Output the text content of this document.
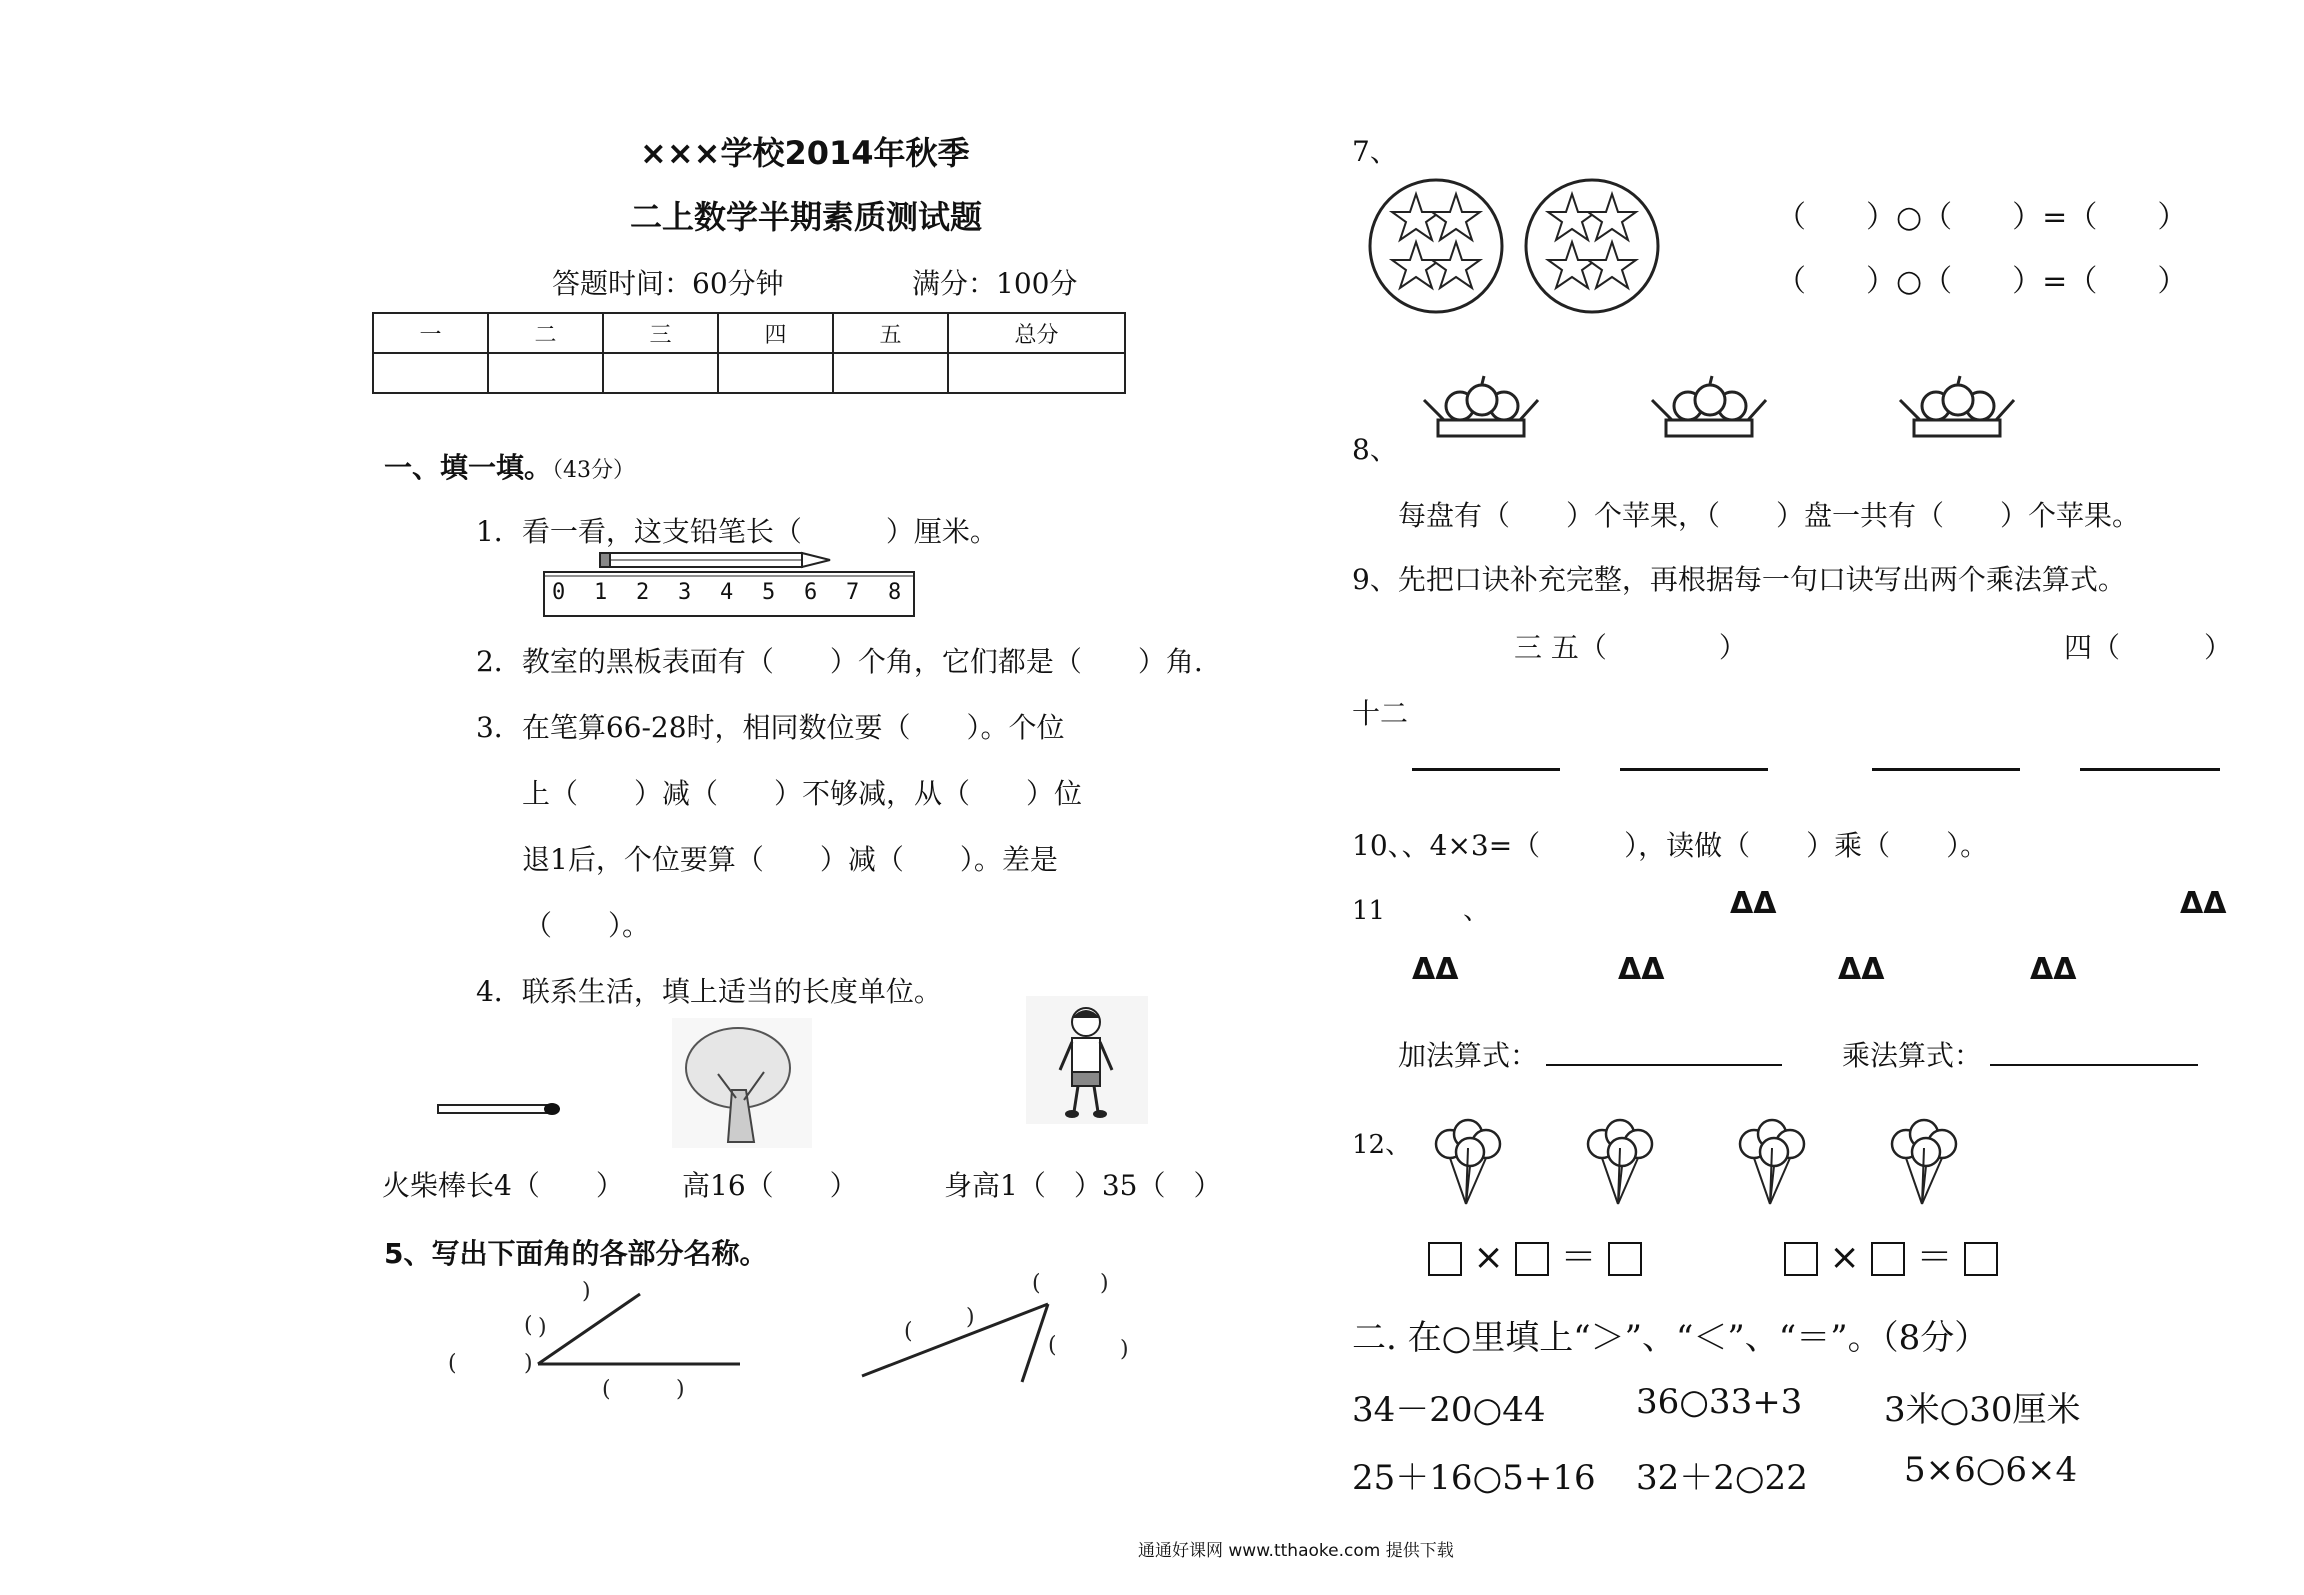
×××学校2014年秋季
二上数学半期素质测试题
答题时间：60分钟	满分：100分
一	二	三	四	五	总分

一、填一填。（43分）
1．看一看，这支铅笔长（　　　）厘米。
0 1 2 3 4 5 6 7 8
2．教室的黑板表面有（　　）个角，它们都是（　　）角.
3．在笔算66-28时，相同数位要（　　）。个位
上（　　）减（　　）不够减，从（　　）位
退1后，个位要算（　　）减（　　）。差是
（　　）。
4．联系生活，填上适当的长度单位。
火柴棒长4（　　） 高16（　　）	身高1（　）35（　）
5、写出下面角的各部分名称。
)
( )
(	)
(	)
(	)
(
)
(	)
7、
（　　）○（　　）=（　　）
（　　）○（　　）=（　　）
8、
每盘有（　　）个苹果，（　　）盘一共有（　　）个苹果。
9、先把口诀补充完整，再根据每一句口诀写出两个乘法算式。
三 五（　　　　）	四（　　　）
十二
10、、4×3=（　　　），读做（　　）乘（　　）。
11　　　、	ΔΔ	ΔΔ
ΔΔ	ΔΔ	ΔΔ	ΔΔ
加法算式：	乘法算式：
12、
× ＝	× ＝
二. 在○里填上“＞”、“＜”、“＝”。（8分）
34－20○44	36○33+3 3米○30厘米
25＋16○5+16 32＋2○22	5×6○6×4
通通好课网 www.tthaoke.com 提供下载
